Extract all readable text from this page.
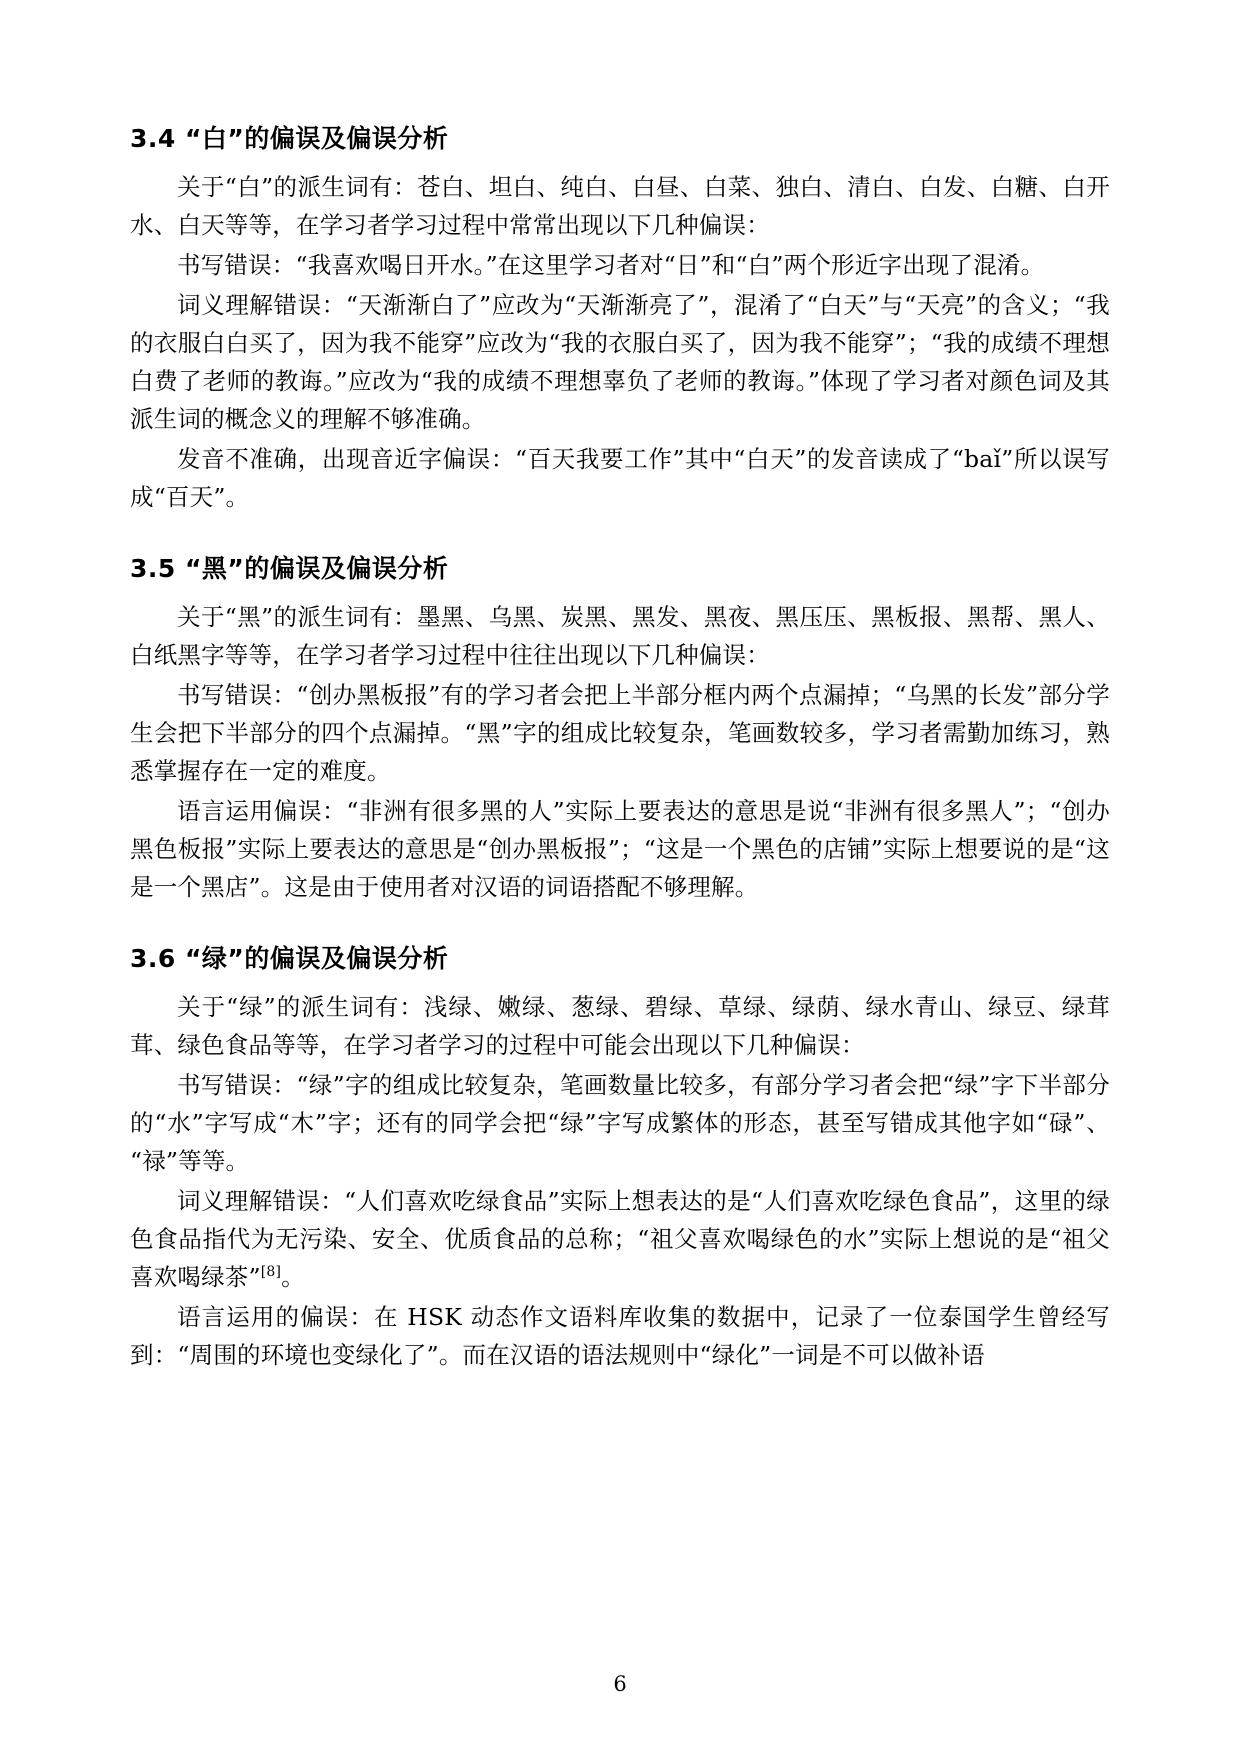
3.4 “白”的偏误及偏误分析

关于“白”的派生词有：苍白、坦白、纯白、白昼、白菜、独白、清白、白发、白糖、白开水、白天等等，在学习者学习过程中常常出现以下几种偏误：

书写错误：“我喜欢喝日开水。”在这里学习者对“日”和“白”两个形近字出现了混淆。

词义理解错误：“天渐渐白了”应改为“天渐渐亮了”，混淆了“白天”与“天亮”的含义；“我的衣服白白买了，因为我不能穿”应改为“我的衣服白买了，因为我不能穿”；“我的成绩不理想白费了老师的教诲。”应改为“我的成绩不理想辜负了老师的教诲。”体现了学习者对颜色词及其派生词的概念义的理解不够准确。

发音不准确，出现音近字偏误：“百天我要工作”其中“白天”的发音读成了“baǐ”所以误写成“百天”。

3.5 “黑”的偏误及偏误分析

关于“黑”的派生词有：墨黑、乌黑、炭黑、黑发、黑夜、黑压压、黑板报、黑帮、黑人、白纸黑字等等，在学习者学习过程中往往出现以下几种偏误：

书写错误：“创办黑板报”有的学习者会把上半部分框内两个点漏掉；“乌黑的长发”部分学生会把下半部分的四个点漏掉。“黑”字的组成比较复杂，笔画数较多，学习者需勤加练习，熟悉掌握存在一定的难度。

语言运用偏误：“非洲有很多黑的人”实际上要表达的意思是说“非洲有很多黑人”；“创办黑色板报”实际上要表达的意思是“创办黑板报”；“这是一个黑色的店铺”实际上想要说的是“这是一个黑店”。这是由于使用者对汉语的词语搭配不够理解。

3.6 “绿”的偏误及偏误分析

关于“绿”的派生词有：浅绿、嫩绿、葱绿、碧绿、草绿、绿荫、绿水青山、绿豆、绿茸茸、绿色食品等等，在学习者学习的过程中可能会出现以下几种偏误：

书写错误：“绿”字的组成比较复杂，笔画数量比较多，有部分学习者会把“绿”字下半部分的“水”字写成“木”字；还有的同学会把“绿”字写成繁体的形态，甚至写错成其他字如“碌”、“禄”等等。

词义理解错误：“人们喜欢吃绿食品”实际上想表达的是“人们喜欢吃绿色食品”，这里的绿色食品指代为无污染、安全、优质食品的总称；“祖父喜欢喝绿色的水”实际上想说的是“祖父喜欢喝绿茶”[8]。

语言运用的偏误：在 HSK 动态作文语料库收集的数据中，记录了一位泰国学生曾经写到：“周围的环境也变绿化了”。而在汉语的语法规则中“绿化”一词是不可以做补语

6
